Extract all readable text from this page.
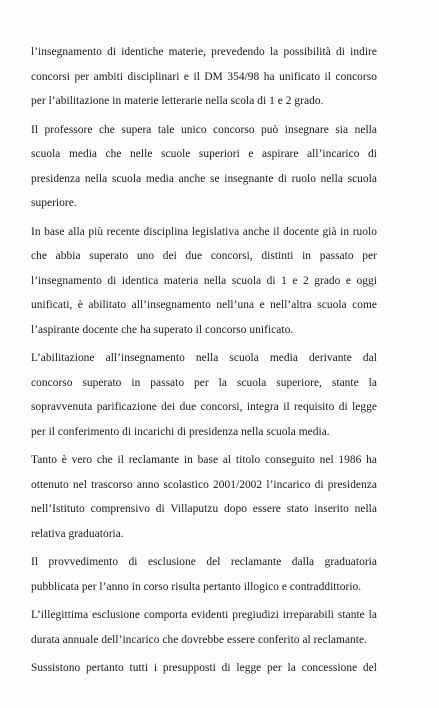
l’insegnamento di identiche materie, prevedendo la possibilità di indire
concorsi per ambiti disciplinari e il DM 354/98 ha unificato il concorso
per l’abilitazione in materie letterarie nella scola di 1 e 2 grado.
Il professore che supera tale unico concorso può insegnare sia nella
scuola media che nelle scuole superiori e aspirare all’incarico di
presidenza nella scuola media anche se insegnante di ruolo nella scuola
superiore.
In base alla più recente disciplina legislativa anche il docente già in ruolo
che abbia superato uno dei due concorsi, distinti in passato per
l’insegnamento di identica materia nella scuola di 1 e 2 grado e oggi
unificati, è abilitato all’insegnamento nell’una e nell’altra scuola come
l’aspirante docente che ha superato il concorso unificato.
L’abilitazione all’insegnamento nella scuola media derivante dal
concorso superato in passato per la scuola superiore, stante la
sopravvenuta parificazione dei due concorsi, integra il requisito di legge
per il conferimento di incarichi di presidenza nella scuola media.
Tanto è vero che il reclamante in base al titolo conseguito nel 1986 ha
ottenuto nel trascorso anno scolastico 2001/2002 l’incarico di presidenza
nell’Istituto comprensivo di Villaputzu dopo essere stato inserito nella
relativa graduatoria.
Il provvedimento di esclusione del reclamante dalla graduatoria
pubblicata per l’anno in corso risulta pertanto illogico e contraddittorio.
L’illegittima esclusione comporta evidenti pregiudizi irreparabili stante la
durata annuale dell’incarico che dovrebbe essere conferito al reclamante.
Sussistono pertanto tutti i presupposti di legge per la concessione del
